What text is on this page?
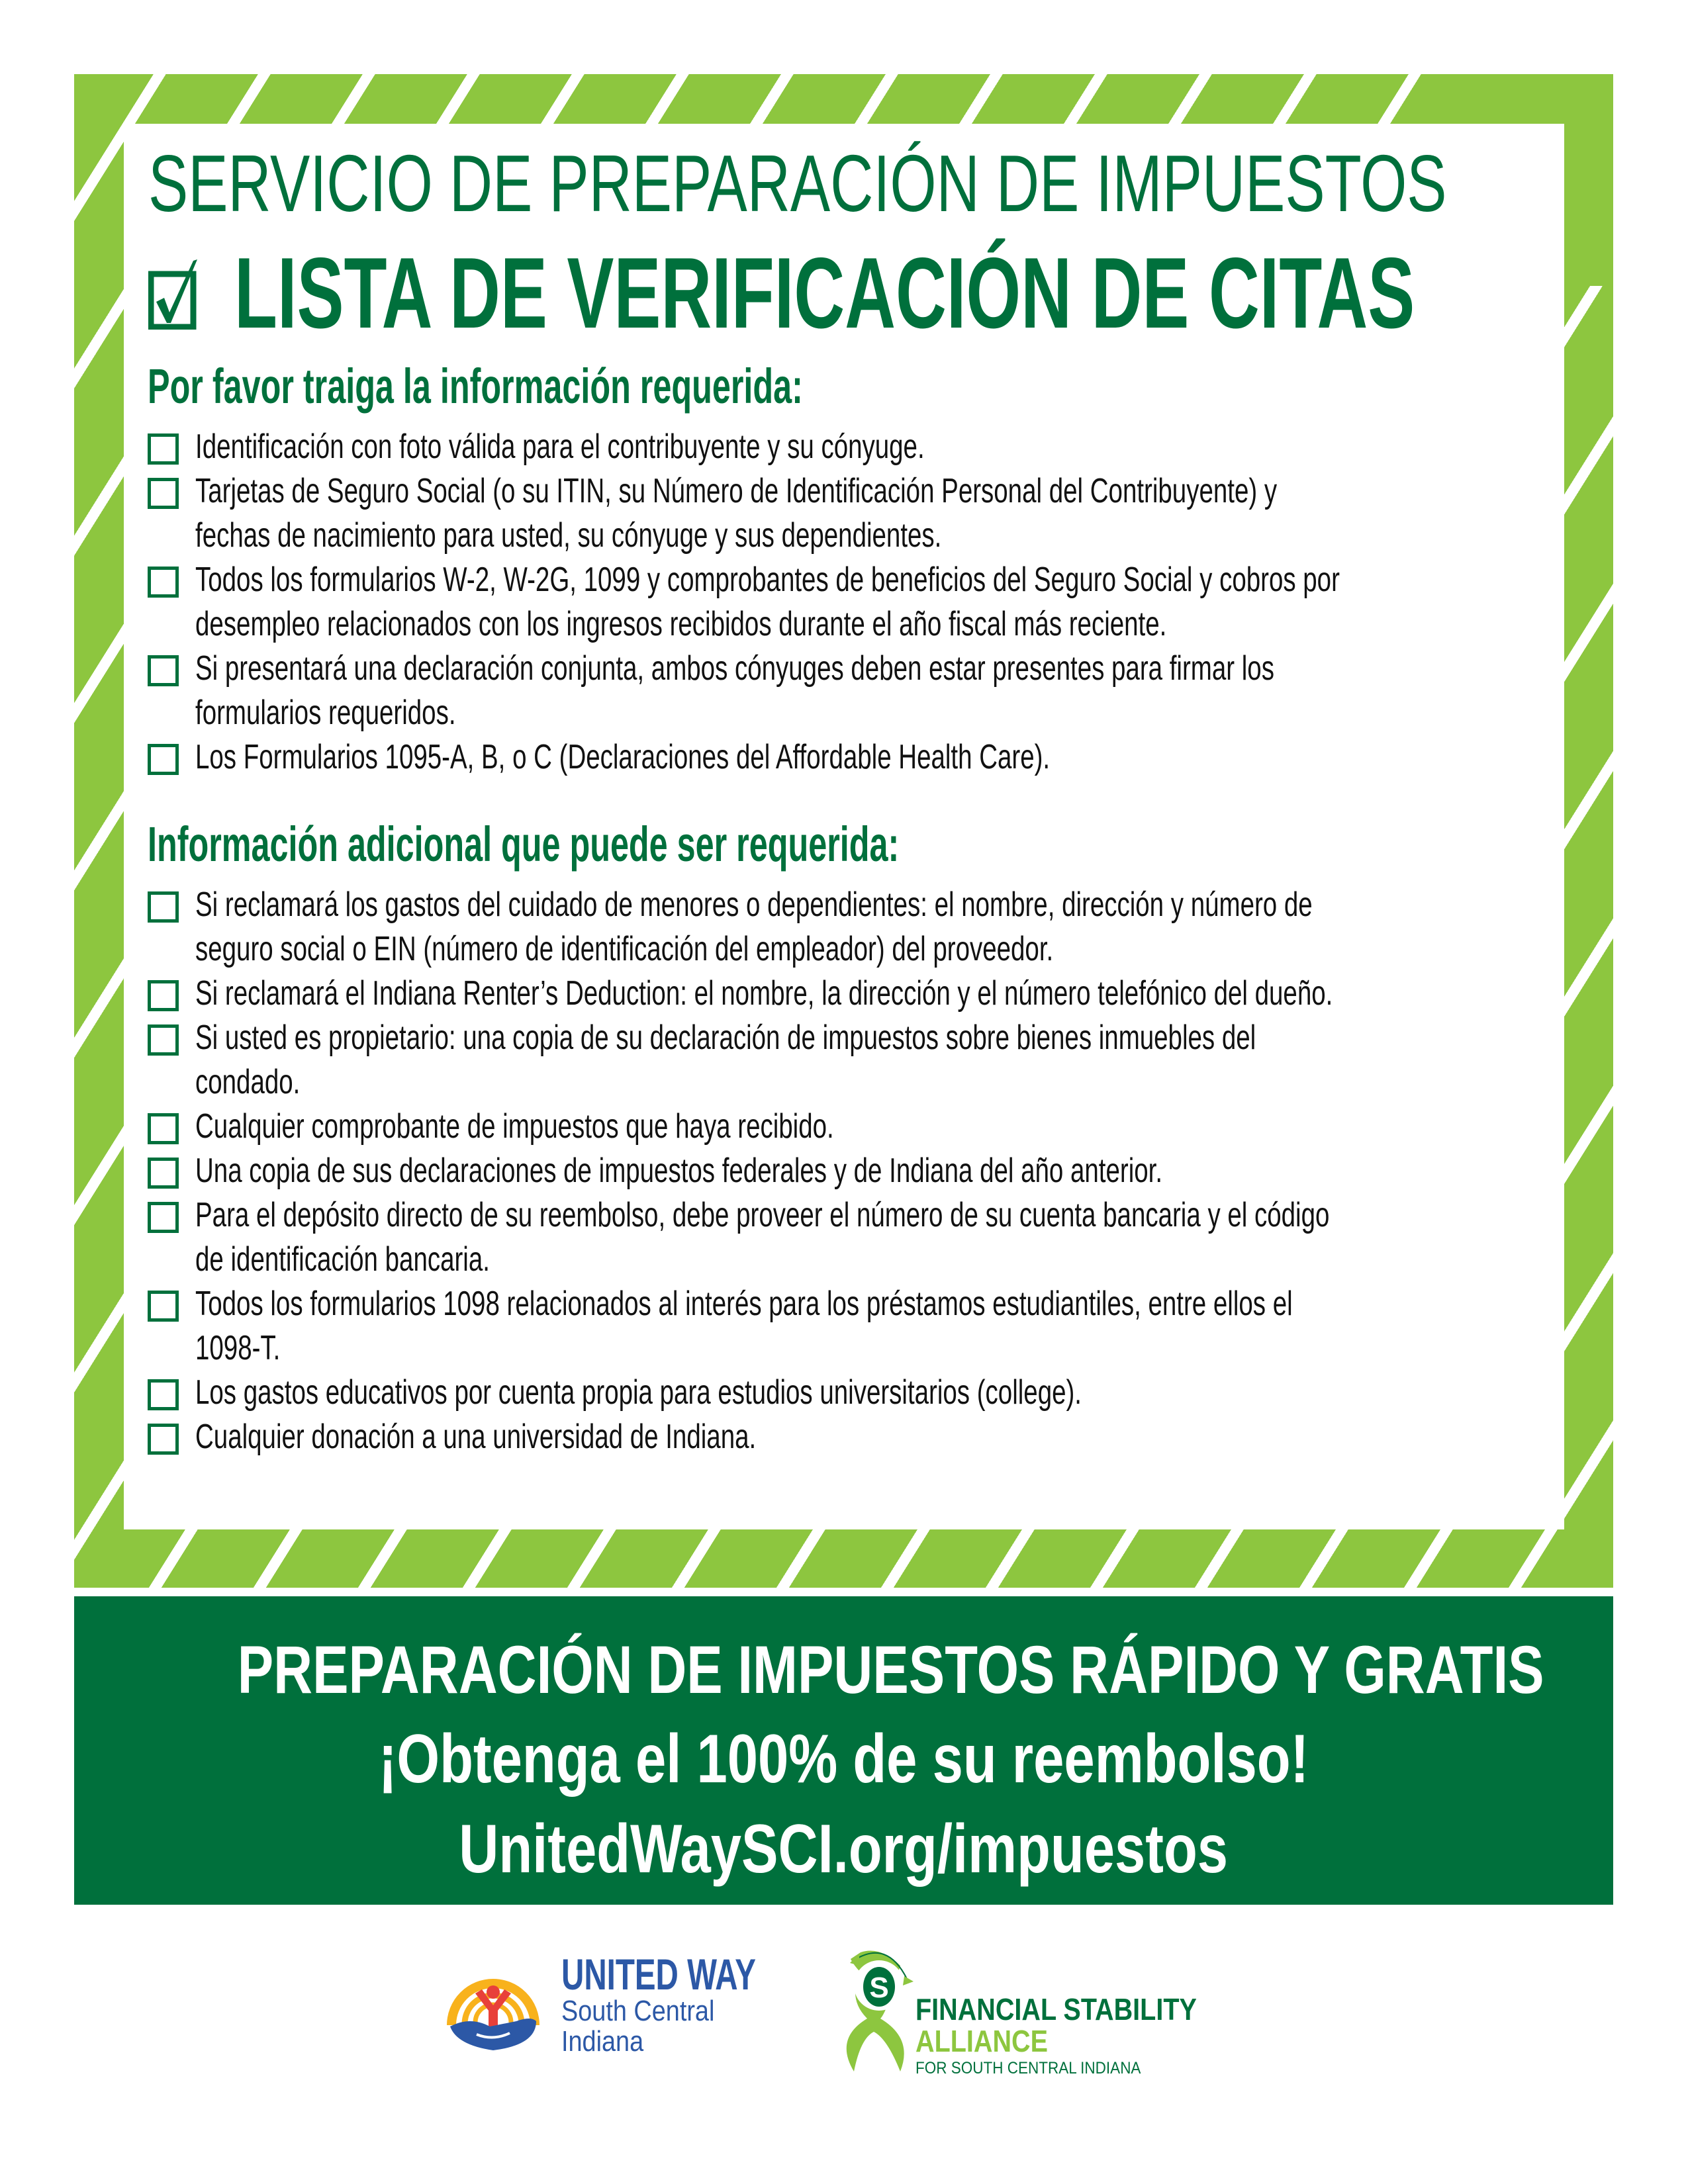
SERVICIO DE PREPARACIÓN DE IMPUESTOS
LISTA DE VERIFICACIÓN DE CITAS
Por favor traiga la información requerida:
Identificación con foto válida para el contribuyente y su cónyuge.
Tarjetas de Seguro Social (o su ITIN, su Número de Identificación Personal del Contribuyente) y
fechas de nacimiento para usted, su cónyuge y sus dependientes.
Todos los formularios W-2, W-2G, 1099 y comprobantes de beneficios del Seguro Social y cobros por
desempleo relacionados con los ingresos recibidos durante el año fiscal más reciente.
Si presentará una declaración conjunta, ambos cónyuges deben estar presentes para firmar los
formularios requeridos.
Los Formularios 1095-A, B, o C (Declaraciones del Affordable Health Care).
Información adicional que puede ser requerida:
Si reclamará los gastos del cuidado de menores o dependientes: el nombre, dirección y número de
seguro social o EIN (número de identificación del empleador) del proveedor.
Si reclamará el Indiana Renter’s Deduction: el nombre, la dirección y el número telefónico del dueño.
Si usted es propietario: una copia de su declaración de impuestos sobre bienes inmuebles del
condado.
Cualquier comprobante de impuestos que haya recibido.
Una copia de sus declaraciones de impuestos federales y de Indiana del año anterior.
Para el depósito directo de su reembolso, debe proveer el número de su cuenta bancaria y el código
de identificación bancaria.
Todos los formularios 1098 relacionados al interés para los préstamos estudiantiles, entre ellos el
1098-T.
Los gastos educativos por cuenta propia para estudios universitarios (college).
Cualquier donación a una universidad de Indiana.
PREPARACIÓN DE IMPUESTOS RÁPIDO Y GRATIS
¡Obtenga el 100% de su reembolso!
UnitedWaySCI.org/impuestos
UNITED WAY
South Central
Indiana
S
FINANCIAL STABILITY
ALLIANCE
FOR SOUTH CENTRAL INDIANA
